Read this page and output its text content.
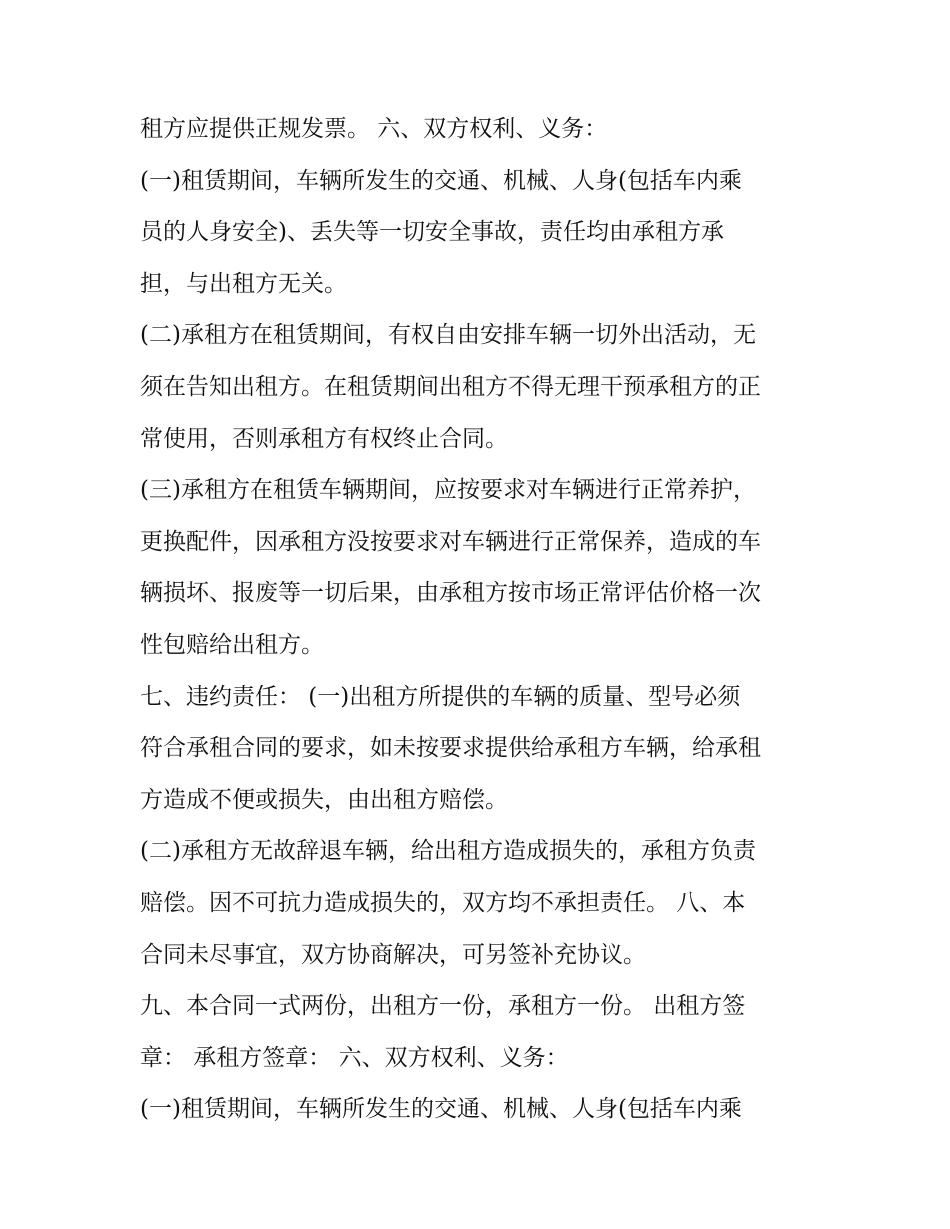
租方应提供正规发票。 六、双方权利、义务：

(一)租赁期间，车辆所发生的交通、机械、人身(包括车内乘

员的人身安全)、丢失等一切安全事故，责任均由承租方承

担，与出租方无关。

(二)承租方在租赁期间，有权自由安排车辆一切外出活动，无

须在告知出租方。在租赁期间出租方不得无理干预承租方的正

常使用，否则承租方有权终止合同。

(三)承租方在租赁车辆期间，应按要求对车辆进行正常养护，

更换配件，因承租方没按要求对车辆进行正常保养，造成的车

辆损坏、报废等一切后果，由承租方按市场正常评估价格一次

性包赔给出租方。

七、违约责任： (一)出租方所提供的车辆的质量、型号必须

符合承租合同的要求，如未按要求提供给承租方车辆，给承租

方造成不便或损失，由出租方赔偿。

(二)承租方无故辞退车辆，给出租方造成损失的，承租方负责

赔偿。因不可抗力造成损失的，双方均不承担责任。 八、本

合同未尽事宜，双方协商解决，可另签补充协议。

九、本合同一式两份，出租方一份，承租方一份。 出租方签

章： 承租方签章： 六、双方权利、义务：

(一)租赁期间，车辆所发生的交通、机械、人身(包括车内乘
